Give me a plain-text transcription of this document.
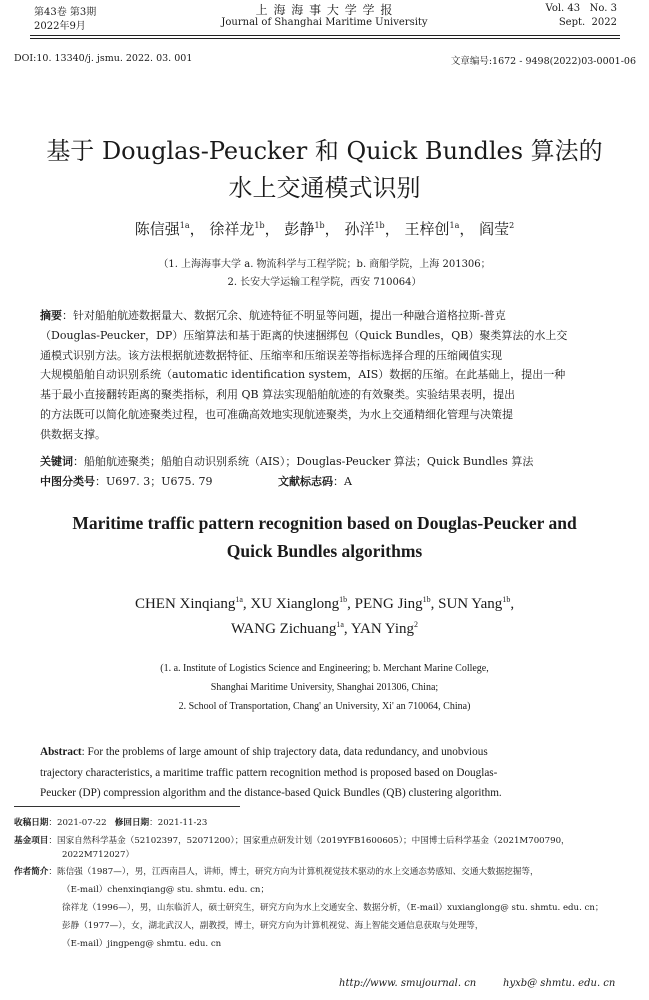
第43卷 第3期
2022年9月
上 海 海 事 大 学 学 报
Journal of Shanghai Maritime University
Vol. 43   No. 3
Sept.  2022
DOI:10. 13340/j. jsmu. 2022. 03. 001	文章编号:1672 - 9498(2022)03-0001-06
基于 Douglas-Peucker 和 Quick Bundles 算法的
水上交通模式识别
陈信强$^{1a}$， 徐祥龙$^{1b}$， 彭静$^{1b}$， 孙洋$^{1b}$， 王梓创$^{1a}$， 阎莹$^2$
（1. 上海海事大学 a. 物流科学与工程学院；b. 商船学院，上海 201306；
2. 长安大学运输工程学院，西安 710064）
摘要：针对船舶航迹数据量大、数据冗余、航迹特征不明显等问题，提出一种融合道格拉斯-普克
（Douglas-Peucker，DP）压缩算法和基于距离的快速捆绑包（Quick Bundles，QB）聚类算法的水上交
通模式识别方法。该方法根据航迹数据特征、压缩率和压缩误差等指标选择合理的压缩阈值实现
大规模船舶自动识别系统（automatic identification system，AIS）数据的压缩。在此基础上，提出一种
基于最小直接翻转距离的聚类指标，利用 QB 算法实现船舶航迹的有效聚类。实验结果表明，提出
的方法既可以简化航迹聚类过程，也可准确高效地实现航迹聚类，为水上交通精细化管理与决策提
供数据支撑。
关键词：船舶航迹聚类；船舶自动识别系统（AIS）；Douglas-Peucker 算法；Quick Bundles 算法
中图分类号：U697. 3；U675. 79	文献标志码：A
Maritime traffic pattern recognition based on Douglas-Peucker and
Quick Bundles algorithms
CHEN Xinqiang$^{1a}$, XU Xianglong$^{1b}$, PENG Jing$^{1b}$, SUN Yang$^{1b}$,
WANG Zichuang$^{1a}$, YAN Ying$^2$
(1. a. Institute of Logistics Science and Engineering; b. Merchant Marine College,
Shanghai Maritime University, Shanghai 201306, China;
2. School of Transportation, Chang' an University, Xi' an 710064, China)
Abstract: For the problems of large amount of ship trajectory data, data redundancy, and unobvious
trajectory characteristics, a maritime traffic pattern recognition method is proposed based on Douglas-
Peucker (DP) compression algorithm and the distance-based Quick Bundles (QB) clustering algorithm.
收稿日期：2021-07-22 修回日期：2021-11-23
基金项目：国家自然科学基金（52102397，52071200）；国家重点研发计划（2019YFB1600605）；中国博士后科学基金（2021M700790，
2022M712027）
作者简介：陈信强（1987—），男，江西南昌人，讲师，博士，研究方向为计算机视觉技术驱动的水上交通态势感知、交通大数据挖掘等，
（E-mail）chenxinqiang@ stu. shmtu. edu. cn；
徐祥龙（1996—），男，山东临沂人，硕士研究生，研究方向为水上交通安全、数据分析，（E-mail）xuxianglong@ stu. shmtu. edu. cn；
彭静（1977—），女，湖北武汉人，副教授，博士，研究方向为计算机视觉、海上智能交通信息获取与处理等，
（E-mail）jingpeng@ shmtu. edu. cn
http://www. smujournal. cn	hyxb@ shmtu. edu. cn
